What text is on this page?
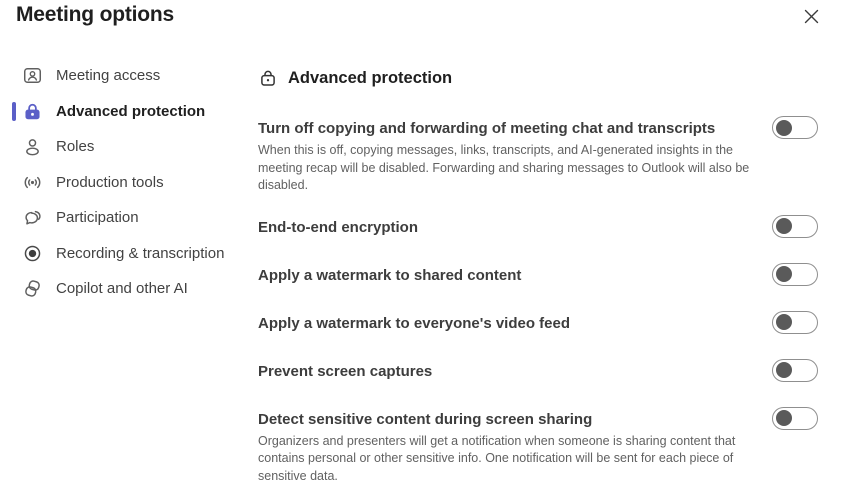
Meeting options
Meeting access
Advanced protection
Roles
Production tools
Participation
Recording & transcription
Copilot and other AI
Advanced protection
Turn off copying and forwarding of meeting chat and transcripts
When this is off, copying messages, links, transcripts, and AI-generated insights in the meeting recap will be disabled. Forwarding and sharing messages to Outlook will also be disabled.
End-to-end encryption
Apply a watermark to shared content
Apply a watermark to everyone's video feed
Prevent screen captures
Detect sensitive content during screen sharing
Organizers and presenters will get a notification when someone is sharing content that contains personal or other sensitive info. One notification will be sent for each piece of sensitive data.
